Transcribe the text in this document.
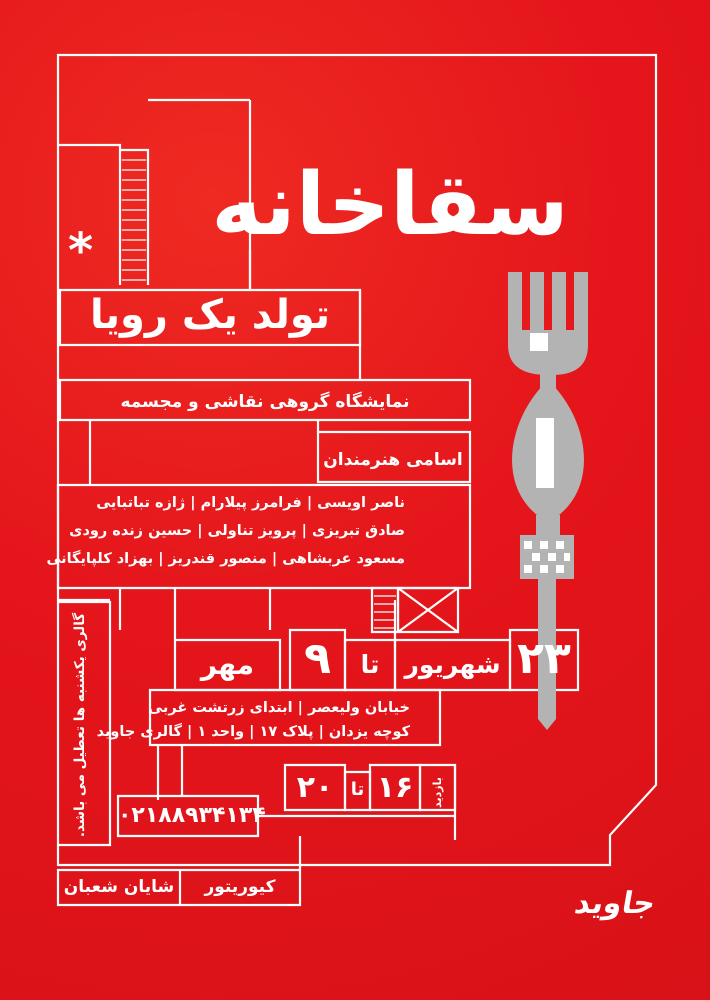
سقاخانه
تولد یک رویا
*
نمایشگاه گروهی نقاشی و مجسمه
اسامی هنرمندان
ناصر اویسی | فرامرز پیلارام | ژازه تباتبایی
صادق تبریزی | پرویز تناولی | حسین زنده رودی
مسعود عربشاهی | منصور قندریز | بهزاد کلپایگانی
۲۳
شهریور
تا
۹
مهر
خیابان ولیعصر | ابتدای زرتشت غربی
کوچه یزدان | پلاک ۱۷ | واحد ۱ | گالری جاوید
بازدید
۱۶
تا
۲۰
۰۲۱۸۸۹۳۴۱۳۴
گالری یکشنبه ها تعطیل می باشد.
کیوریتور
شایان شعبان	جاوید
